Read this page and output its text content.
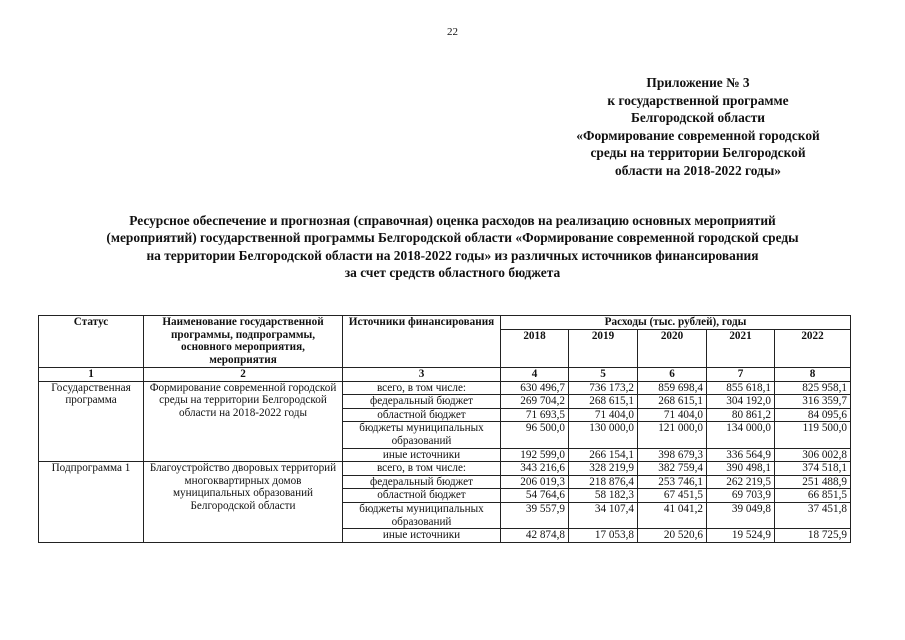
22
Приложение № 3
к государственной программе
Белгородской области
«Формирование современной городской
среды на территории Белгородской
области на 2018-2022 годы»
Ресурсное обеспечение и прогнозная (справочная) оценка расходов на реализацию основных мероприятий
(мероприятий) государственной программы Белгородской области «Формирование современной городской среды
на территории Белгородской области на 2018-2022 годы» из различных источников финансирования
за счет средств областного бюджета
Статус	Наименование государственной программы, подпрограммы, основного мероприятия, мероприятия	Источники финансирования	Расходы (тыс. рублей), годы				
			2018	2019	2020	2021	2022
1	2	3	4	5	6	7	8
Государственная программа	Формирование современной городской среды на территории Белгородской области на 2018-2022 годы	всего, в том числе:	630 496,7	736 173,2	859 698,4	855 618,1	825 958,1
		федеральный бюджет	269 704,2	268 615,1	268 615,1	304 192,0	316 359,7
		областной бюджет	71 693,5	71 404,0	71 404,0	80 861,2	84 095,6
		бюджеты муниципальных образований	96 500,0	130 000,0	121 000,0	134 000,0	119 500,0
		иные источники	192 599,0	266 154,1	398 679,3	336 564,9	306 002,8
Подпрограмма 1	Благоустройство дворовых территорий многоквартирных домов муниципальных образований Белгородской области	всего, в том числе:	343 216,6	328 219,9	382 759,4	390 498,1	374 518,1
		федеральный бюджет	206 019,3	218 876,4	253 746,1	262 219,5	251 488,9
		областной бюджет	54 764,6	58 182,3	67 451,5	69 703,9	66 851,5
		бюджеты муниципальных образований	39 557,9	34 107,4	41 041,2	39 049,8	37 451,8
		иные источники	42 874,8	17 053,8	20 520,6	19 524,9	18 725,9
